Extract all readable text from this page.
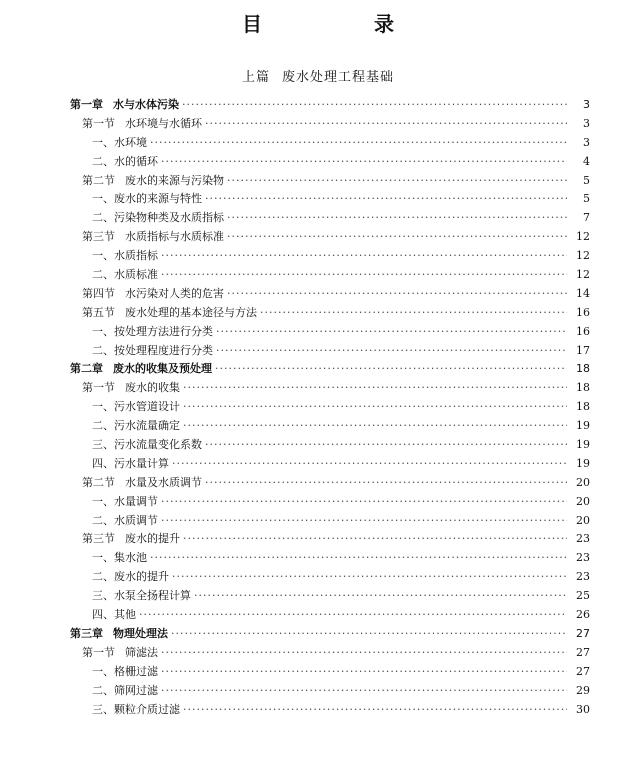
目　录
上篇 废水处理工程基础
第一章 水与水体污染 ·····	3
第一节 水环境与水循环 ·····	3
一、水环境 ·····	3
二、水的循环 ·····	4
第二节 废水的来源与污染物 ·····	5
一、废水的来源与特性 ·····	5
二、污染物种类及水质指标 ·····	7
第三节 水质指标与水质标准 ·····	12
一、水质指标 ·····	12
二、水质标准 ·····	12
第四节 水污染对人类的危害 ·····	14
第五节 废水处理的基本途径与方法 ·····	16
一、按处理方法进行分类 ·····	16
二、按处理程度进行分类 ·····	17
第二章 废水的收集及预处理 ·····	18
第一节 废水的收集 ·····	18
一、污水管道设计 ·····	18
二、污水流量确定 ·····	19
三、污水流量变化系数 ·····	19
四、污水量计算 ·····	19
第二节 水量及水质调节 ·····	20
一、水量调节 ·····	20
二、水质调节 ·····	20
第三节 废水的提升 ·····	23
一、集水池 ·····	23
二、废水的提升 ·····	23
三、水泵全扬程计算 ·····	25
四、其他 ·····	26
第三章 物理处理法 ·····	27
第一节 筛滤法 ·····	27
一、格栅过滤 ·····	27
二、筛网过滤 ·····	29
三、颗粒介质过滤 ·····	30
